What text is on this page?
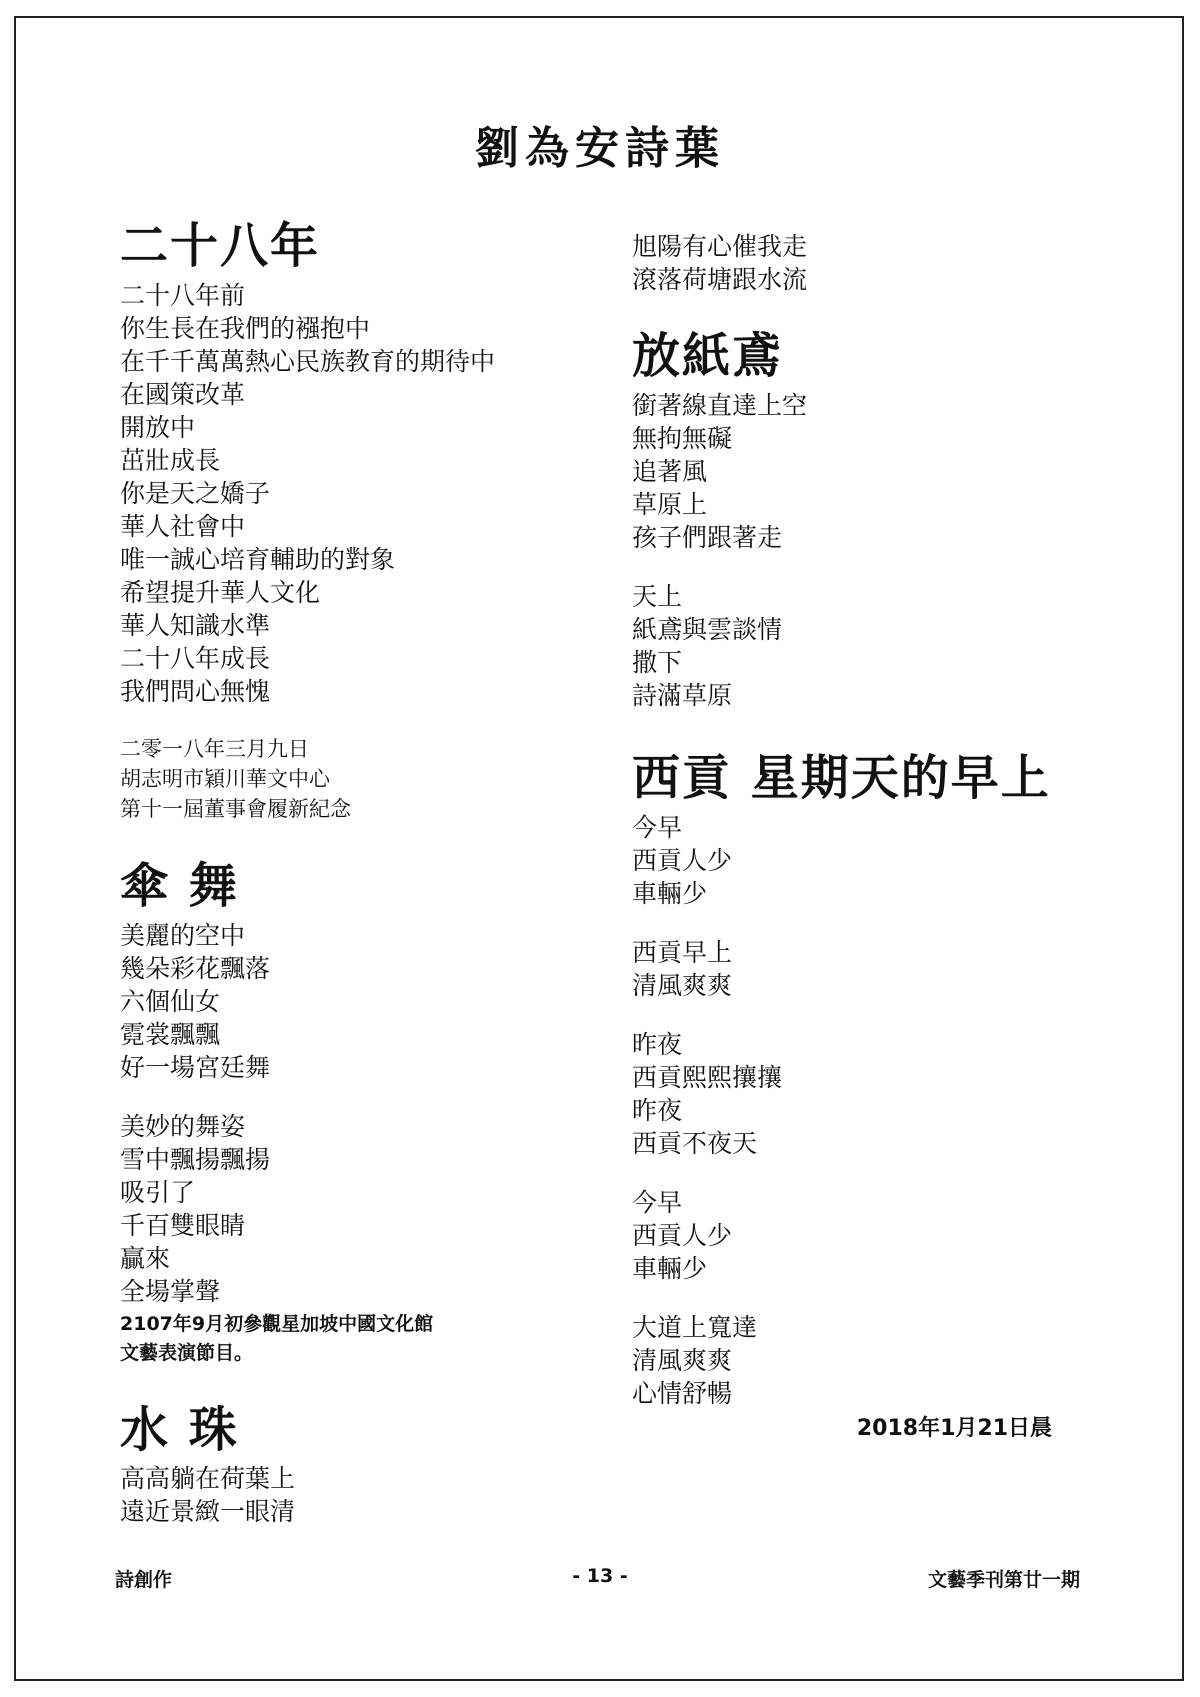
劉為安詩葉
二十八年
二十八年前
你生長在我們的襁抱中
在千千萬萬熱心民族教育的期待中
在國策改革
開放中
茁壯成長
你是天之嬌子
華人社會中
唯一誠心培育輔助的對象
希望提升華人文化
華人知識水準
二十八年成長
我們問心無愧
二零一八年三月九日
胡志明市穎川華文中心
第十一屆董事會履新紀念
傘 舞
美麗的空中
幾朵彩花飄落
六個仙女
霓裳飄飄
好一場宮廷舞
美妙的舞姿
雪中飄揚飄揚
吸引了
千百雙眼睛
贏來
全場掌聲
2107年9月初參觀星加坡中國文化館
文藝表演節目。
水 珠
高高躺在荷葉上
遠近景緻一眼清
旭陽有心催我走
滾落荷塘跟水流
放紙鳶
銜著線直達上空
無拘無礙
追著風
草原上
孩子們跟著走
天上
紙鳶與雲談情
撒下
詩滿草原
西貢 星期天的早上
今早
西貢人少
車輛少
西貢早上
清風爽爽
昨夜
西貢熙熙攘攘
昨夜
西貢不夜天
今早
西貢人少
車輛少
大道上寬達
清風爽爽
心情舒暢
2018年1月21日晨
詩創作	- 13 -	文藝季刊第廿一期
